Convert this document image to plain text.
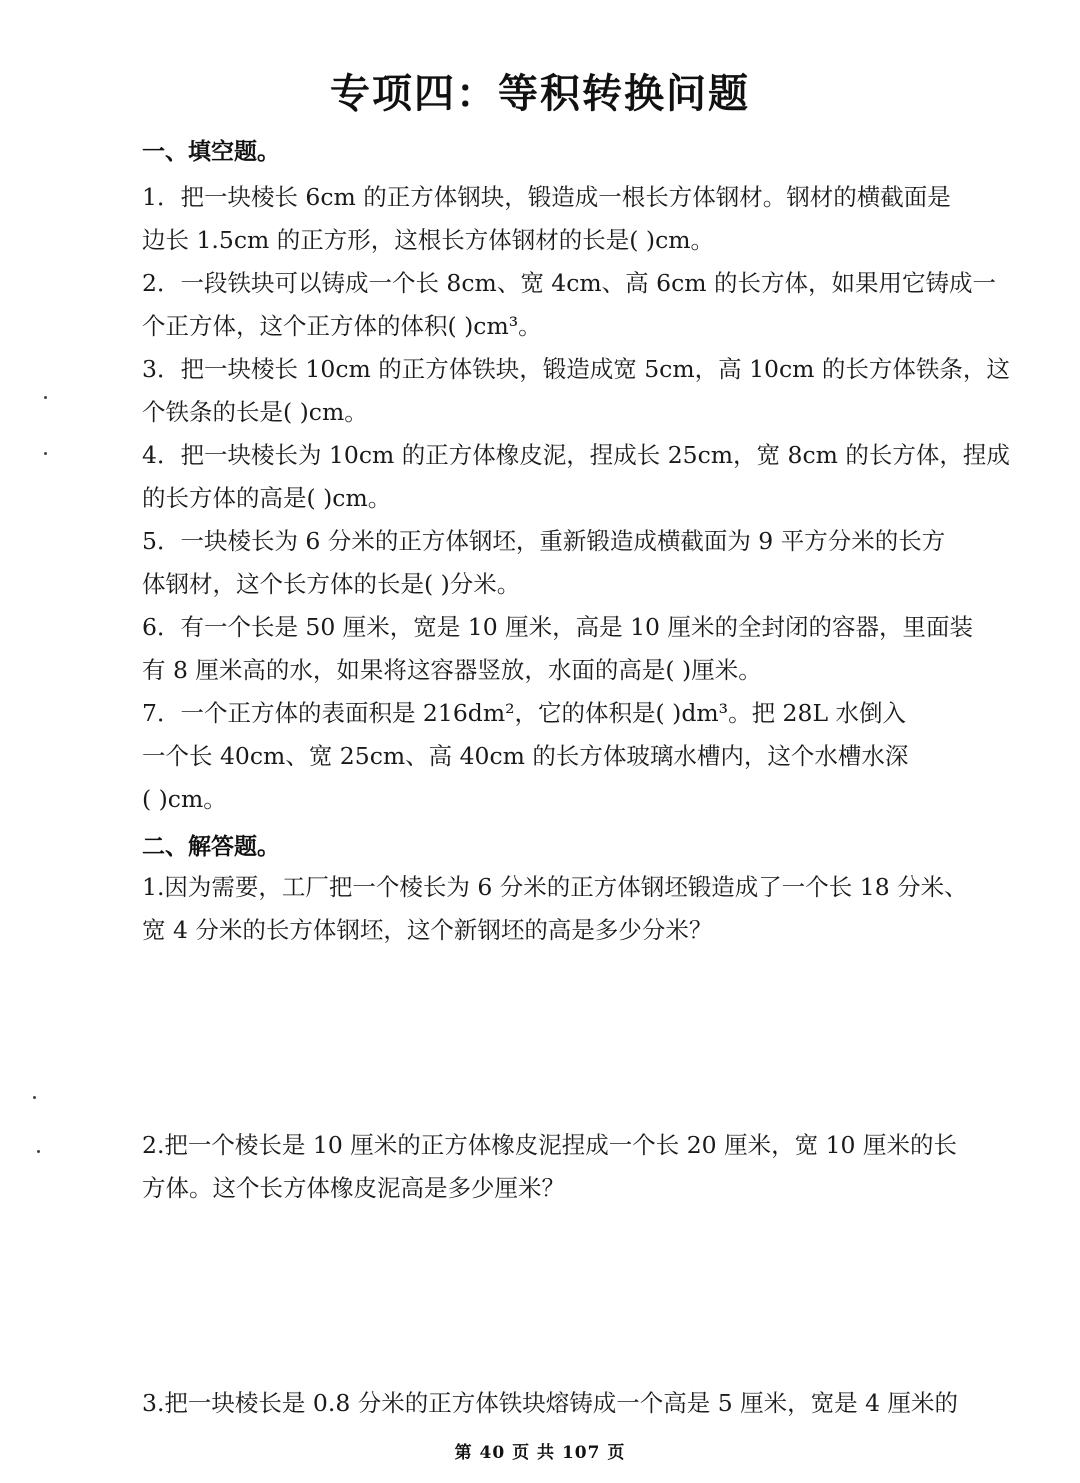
专项四：等积转换问题
一、填空题。
1．把一块棱长 6cm 的正方体钢块，锻造成一根长方体钢材。钢材的横截面是
边长 1.5cm 的正方形，这根长方体钢材的长是( )cm。
2．一段铁块可以铸成一个长 8cm、宽 4cm、高 6cm 的长方体，如果用它铸成一
个正方体，这个正方体的体积( )cm³。
3．把一块棱长 10cm 的正方体铁块，锻造成宽 5cm，高 10cm 的长方体铁条，这
个铁条的长是( )cm。
4．把一块棱长为 10cm 的正方体橡皮泥，捏成长 25cm，宽 8cm 的长方体，捏成
的长方体的高是( )cm。
5．一块棱长为 6 分米的正方体钢坯，重新锻造成横截面为 9 平方分米的长方
体钢材，这个长方体的长是( )分米。
6．有一个长是 50 厘米，宽是 10 厘米，高是 10 厘米的全封闭的容器，里面装
有 8 厘米高的水，如果将这容器竖放，水面的高是( )厘米。
7．一个正方体的表面积是 216dm²，它的体积是( )dm³。把 28L 水倒入
一个长 40cm、宽 25cm、高 40cm 的长方体玻璃水槽内，这个水槽水深
( )cm。
二、解答题。
1.因为需要，工厂把一个棱长为 6 分米的正方体钢坯锻造成了一个长 18 分米、
宽 4 分米的长方体钢坯，这个新钢坯的高是多少分米？
2.把一个棱长是 10 厘米的正方体橡皮泥捏成一个长 20 厘米，宽 10 厘米的长
方体。这个长方体橡皮泥高是多少厘米？
3.把一块棱长是 0.8 分米的正方体铁块熔铸成一个高是 5 厘米，宽是 4 厘米的
第 40 页 共 107 页
